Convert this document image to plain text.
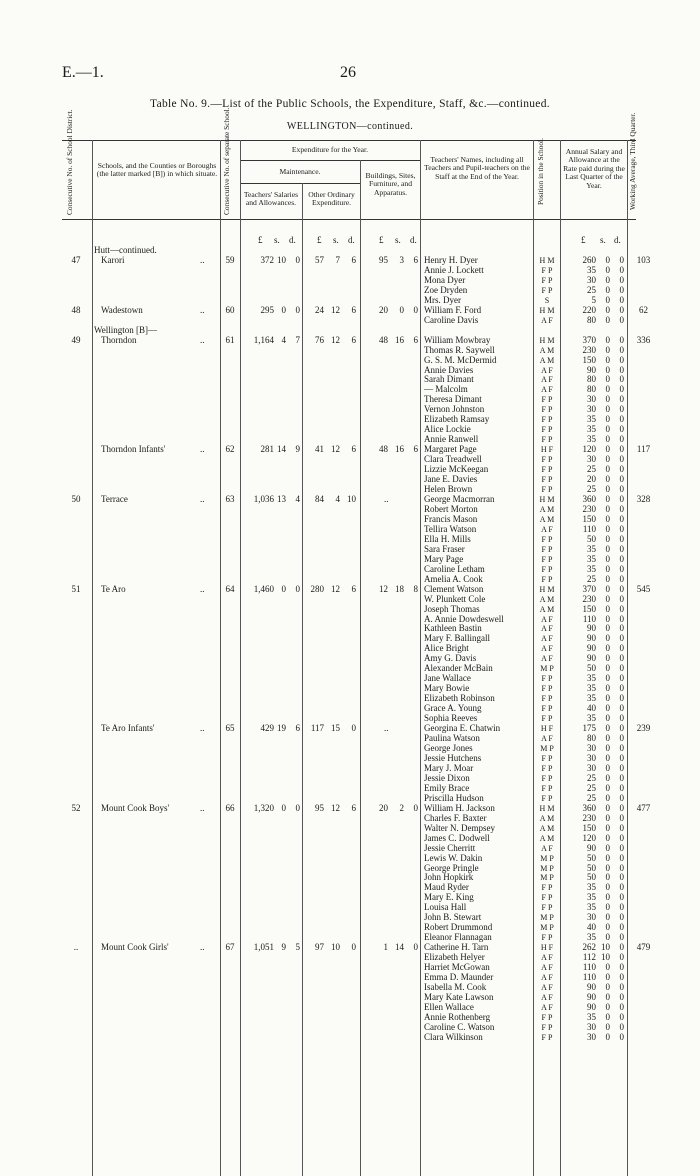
E.—1.	26
Table No. 9.—List of the Public Schools, the Expenditure, Staff, &c.—continued.
WELLINGTON—continued.
Consecutive No. of School District.	Schools, and the Counties or Boroughs (the latter marked [B]) in which situate. Consecutive No. of separate School.	Expenditure for the Year.
Maintenance.
Teachers' Salaries and Allowances.
Other Ordinary Expenditure.
Buildings, Sites, Furniture, and Apparatus.
Teachers' Names, including all Teachers and Pupil-teachers on the Staff at the End of the Year.	Position in the School.	Annual Salary and Allowance at the Rate paid during the Last Quarter of the Year.	Working Average, Third Quarter.
£ s. d. £ s. d.	£ s. d.	£ s. d.
Hutt—continued.
47	Karori	..	59	372 10	0	57	7	6	95	3	6	103
Henry H. Dyer	H M	260	0	0
Annie J. Lockett	F P	35	0	0
Mona Dyer	F P	30	0	0
Zoe Dryden	F P	25	0	0
Mrs. Dyer	S	5	0	0
48	Wadestown	..	60	295 0	0	24 12	6	20	0	0	62
William F. Ford	H M	220	0	0
Caroline Davis	A F	80	0	0
Wellington [B]—
49	Thorndon	..	61	1,164 4	7	76 12	6	48 16	6	336
William Mowbray	H M	370	0	0
Thomas R. Saywell	A M	230	0	0
G. S. M. McDermid	A M	150	0	0
Annie Davies	A F	90	0	0
Sarah Dimant	A F	80	0	0
— Malcolm	A F	80	0	0
Theresa Dimant	F P	30	0	0
Vernon Johnston	F P	30	0	0
Elizabeth Ramsay	F P	35	0	0
Alice Lockie	F P	35	0	0
Annie Ranwell	F P	35	0	0
Thorndon Infants'	..	62	281 14	9	41 12	6	48 16	6	117
Margaret Page	H F	120	0	0
Clara Treadwell	F P	30	0	0
Lizzie McKeegan	F P	25	0	0
Jane E. Davies	F P	20	0	0
Helen Brown	F P	25	0	0
50	Terrace	..	63	1,036 13	4	84	4 10	..	328
George Macmorran	H M	360	0	0
Robert Morton	A M	230	0	0
Francis Mason	A M	150	0	0
Tellira Watson	A F	110	0	0
Ella H. Mills	F P	50	0	0
Sara Fraser	F P	35	0	0
Mary Page	F P	35	0	0
Caroline Letham	F P	35	0	0
Amelia A. Cook	F P	25	0	0
51	Te Aro	..	64	1,460 0	0	280 12	6	12 18	8	545
Clement Watson	H M	370	0	0
W. Plunkett Cole	A M	230	0	0
Joseph Thomas	A M	150	0	0
A. Annie Dowdeswell	A F	110	0	0
Kathleen Bastin	A F	90	0	0
Mary F. Ballingall	A F	90	0	0
Alice Bright	A F	90	0	0
Amy G. Davis	A F	90	0	0
Alexander McBain	M P	50	0	0
Jane Wallace	F P	35	0	0
Mary Bowie	F P	35	0	0
Elizabeth Robinson	F P	35	0	0
Grace A. Young	F P	40	0	0
Sophia Reeves	F P	35	0	0
Te Aro Infants'	..	65	429 19	6	117 15	0	..	239
Georgina E. Chatwin	H F	175	0	0
Paulina Watson	A F	80	0	0
George Jones	M P	30	0	0
Jessie Hutchens	F P	30	0	0
Mary J. Moar	F P	30	0	0
Jessie Dixon	F P	25	0	0
Emily Brace	F P	25	0	0
Priscilla Hudson	F P	25	0	0
52	Mount Cook Boys'	..	66	1,320 0	0	95 12	6	20	2	0	477
William H. Jackson	H M	360	0	0
Charles F. Baxter	A M	230	0	0
Walter N. Dempsey	A M	150	0	0
James C. Dodwell	A M	120	0	0
Jessie Cherritt	A F	90	0	0
Lewis W. Dakin	M P	50	0	0
George Pringle	M P	50	0	0
John Hopkirk	M P	50	0	0
Maud Ryder	F P	35	0	0
Mary E. King	F P	35	0	0
Louisa Hall	F P	35	0	0
John B. Stewart	M P	30	0	0
Robert Drummond	M P	40	0	0
Eleanor Flannagan	F P	35	0	0
..	Mount Cook Girls'	..	67	1,051 9	5	97 10	0	1 14	0	479
Catherine H. Tarn	H F	262 10	0
Elizabeth Helyer	A F	112 10	0
Harriet McGowan	A F	110	0	0
Emma D. Maunder	A F	110	0	0
Isabella M. Cook	A F	90	0	0
Mary Kate Lawson	A F	90	0	0
Ellen Wallace	A F	90	0	0
Annie Rothenberg	F P	35	0	0
Caroline C. Watson	F P	30	0	0
Clara Wilkinson	F P	30	0	0
